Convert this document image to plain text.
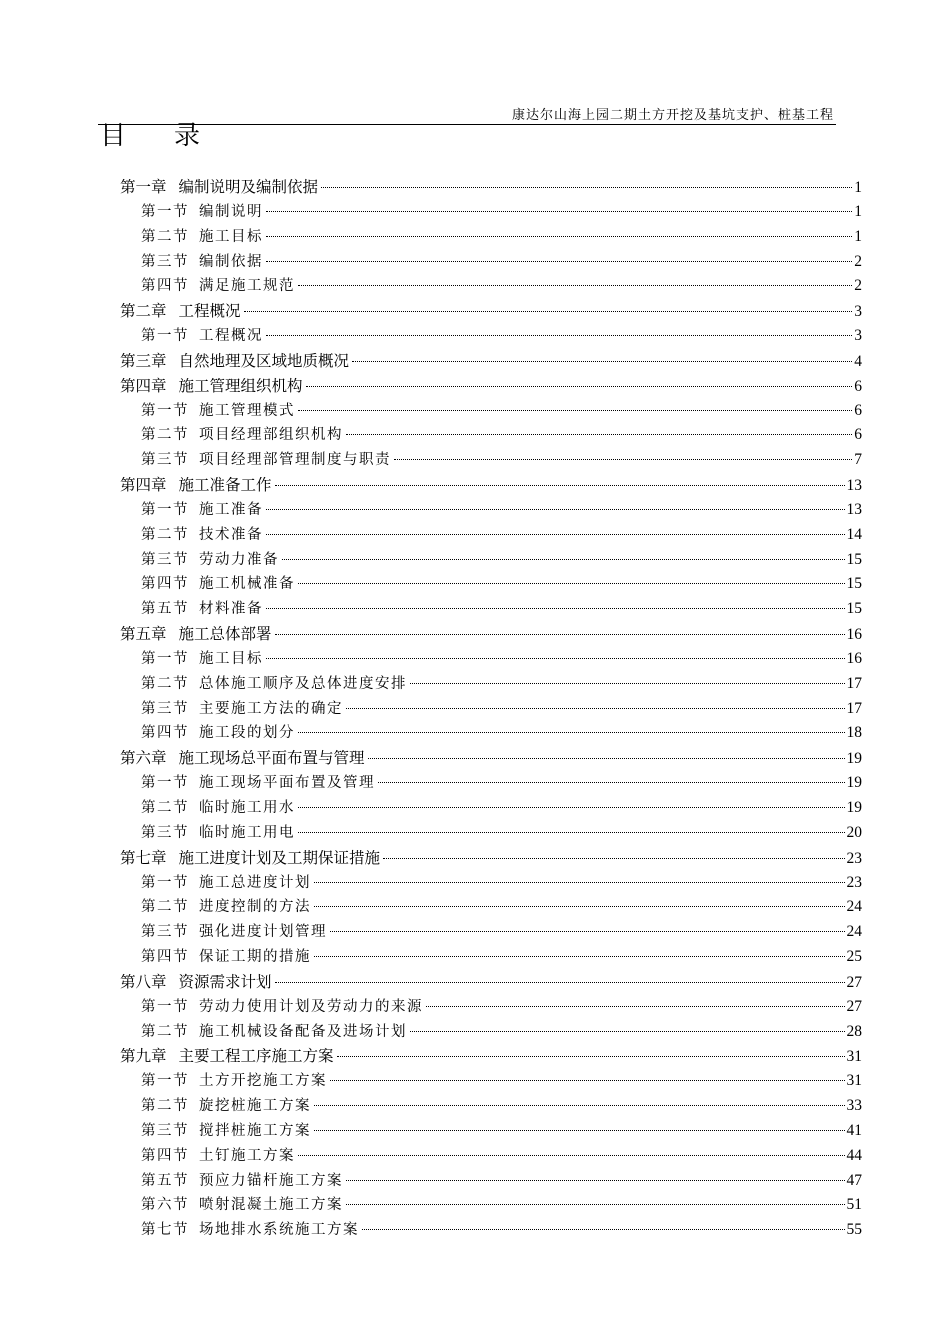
康达尔山海上园二期土方开挖及基坑支护、桩基工程
目 录
第一章 编制说明及编制依据	1
第一节 编制说明	1
第二节 施工目标	1
第三节 编制依据	2
第四节 满足施工规范	2
第二章 工程概况	3
第一节 工程概况	3
第三章 自然地理及区域地质概况	4
第四章 施工管理组织机构	6
第一节 施工管理模式	6
第二节 项目经理部组织机构	6
第三节 项目经理部管理制度与职责	7
第四章 施工准备工作	13
第一节 施工准备	13
第二节 技术准备	14
第三节 劳动力准备	15
第四节 施工机械准备	15
第五节 材料准备	15
第五章 施工总体部署	16
第一节 施工目标	16
第二节 总体施工顺序及总体进度安排	17
第三节 主要施工方法的确定	17
第四节 施工段的划分	18
第六章 施工现场总平面布置与管理	19
第一节 施工现场平面布置及管理	19
第二节 临时施工用水	19
第三节 临时施工用电	20
第七章 施工进度计划及工期保证措施	23
第一节 施工总进度计划	23
第二节 进度控制的方法	24
第三节 强化进度计划管理	24
第四节 保证工期的措施	25
第八章 资源需求计划	27
第一节 劳动力使用计划及劳动力的来源	27
第二节 施工机械设备配备及进场计划	28
第九章 主要工程工序施工方案	31
第一节 土方开挖施工方案	31
第二节 旋挖桩施工方案	33
第三节 搅拌桩施工方案	41
第四节 土钉施工方案	44
第五节 预应力锚杆施工方案	47
第六节 喷射混凝土施工方案	51
第七节 场地排水系统施工方案	55
